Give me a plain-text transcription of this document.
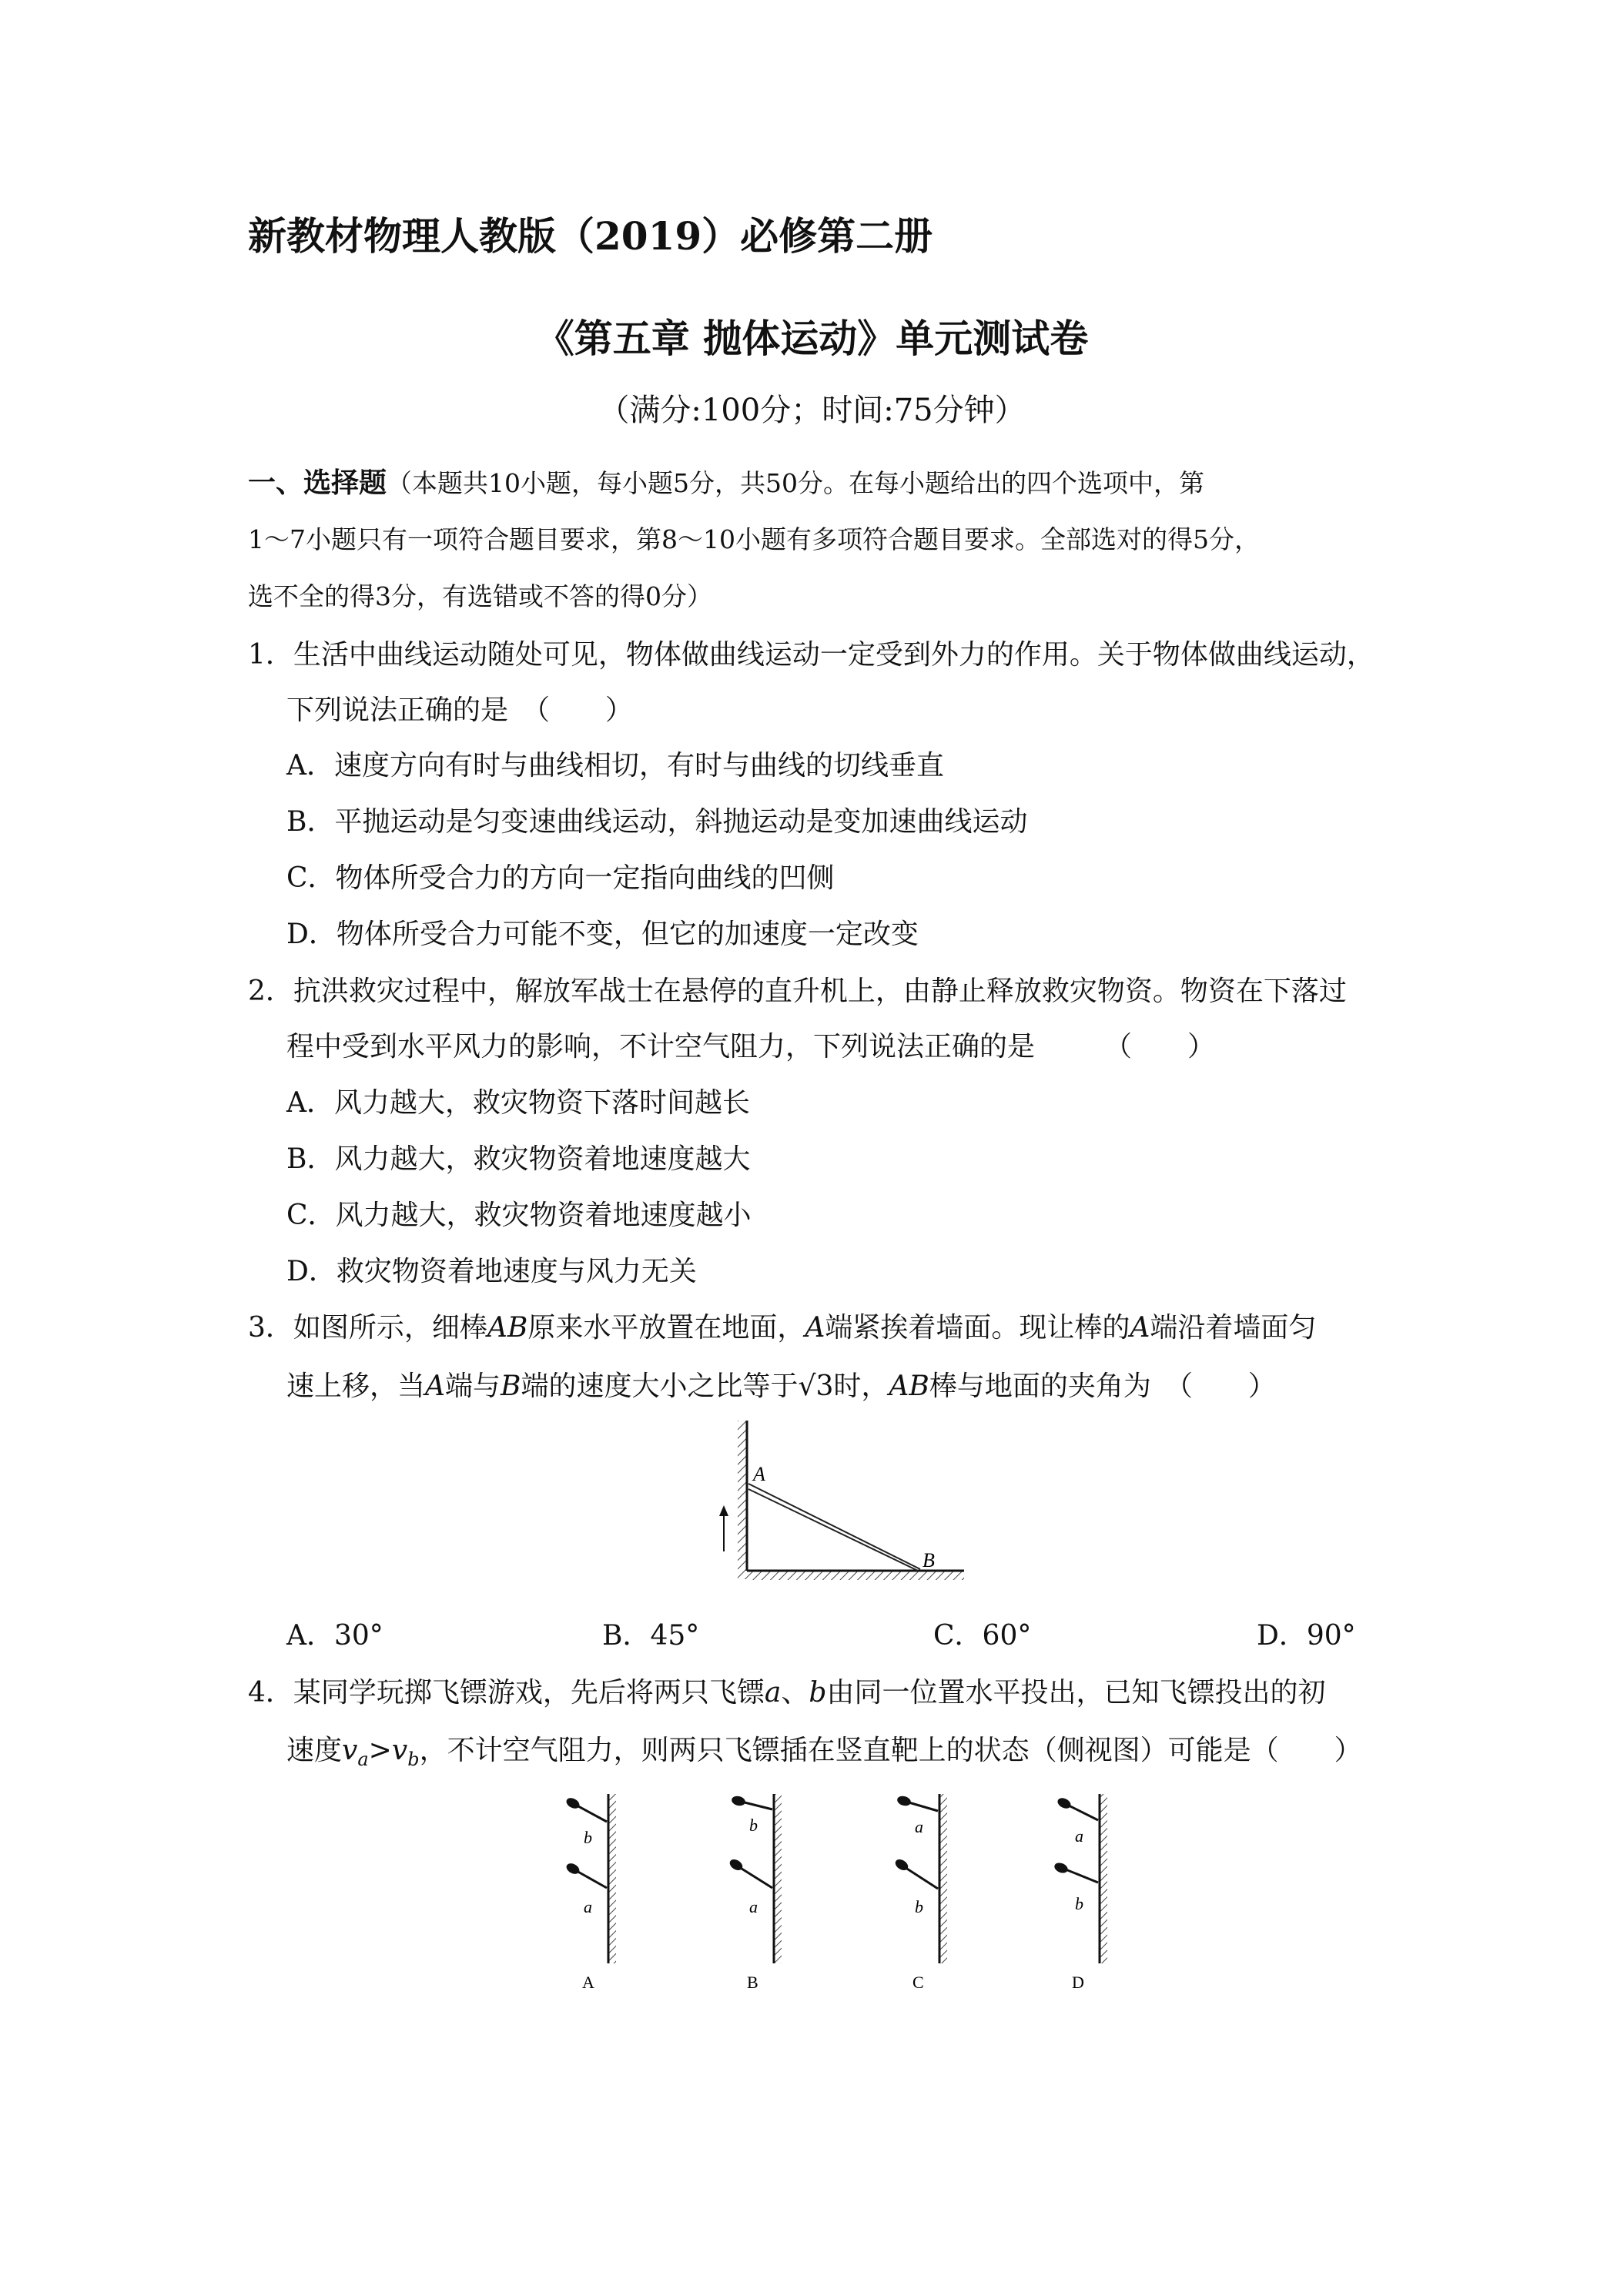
新教材物理人教版（2019）必修第二册
《第五章 抛体运动》单元测试卷
（满分:100分；时间:75分钟）
一、选择题（本题共10小题，每小题5分，共50分。在每小题给出的四个选项中，第
1～7小题只有一项符合题目要求，第8～10小题有多项符合题目要求。全部选对的得5分，
选不全的得3分，有选错或不答的得0分）
1．生活中曲线运动随处可见，物体做曲线运动一定受到外力的作用。关于物体做曲线运动，
下列说法正确的是　（　　）
A．速度方向有时与曲线相切，有时与曲线的切线垂直
B．平抛运动是匀变速曲线运动，斜抛运动是变加速曲线运动
C．物体所受合力的方向一定指向曲线的凹侧
D．物体所受合力可能不变，但它的加速度一定改变
2．抗洪救灾过程中，解放军战士在悬停的直升机上，由静止释放救灾物资。物资在下落过
程中受到水平风力的影响，不计空气阻力，下列说法正确的是　　　（　　）
A．风力越大，救灾物资下落时间越长
B．风力越大，救灾物资着地速度越大
C．风力越大，救灾物资着地速度越小
D．救灾物资着地速度与风力无关
3．如图所示，细棒AB原来水平放置在地面，A端紧挨着墙面。现让棒的A端沿着墙面匀
速上移，当A端与B端的速度大小之比等于√3时，AB棒与地面的夹角为　（　　）
A
B
A．30°	B．45°	C．60°	D．90°
4．某同学玩掷飞镖游戏，先后将两只飞镖a、b由同一位置水平投出，已知飞镖投出的初
速度$v_a>v_b$，不计空气阻力，则两只飞镖插在竖直靶上的状态（侧视图）可能是（　　）
b
a
A
b
a
B
a
b
C
a
b
D
